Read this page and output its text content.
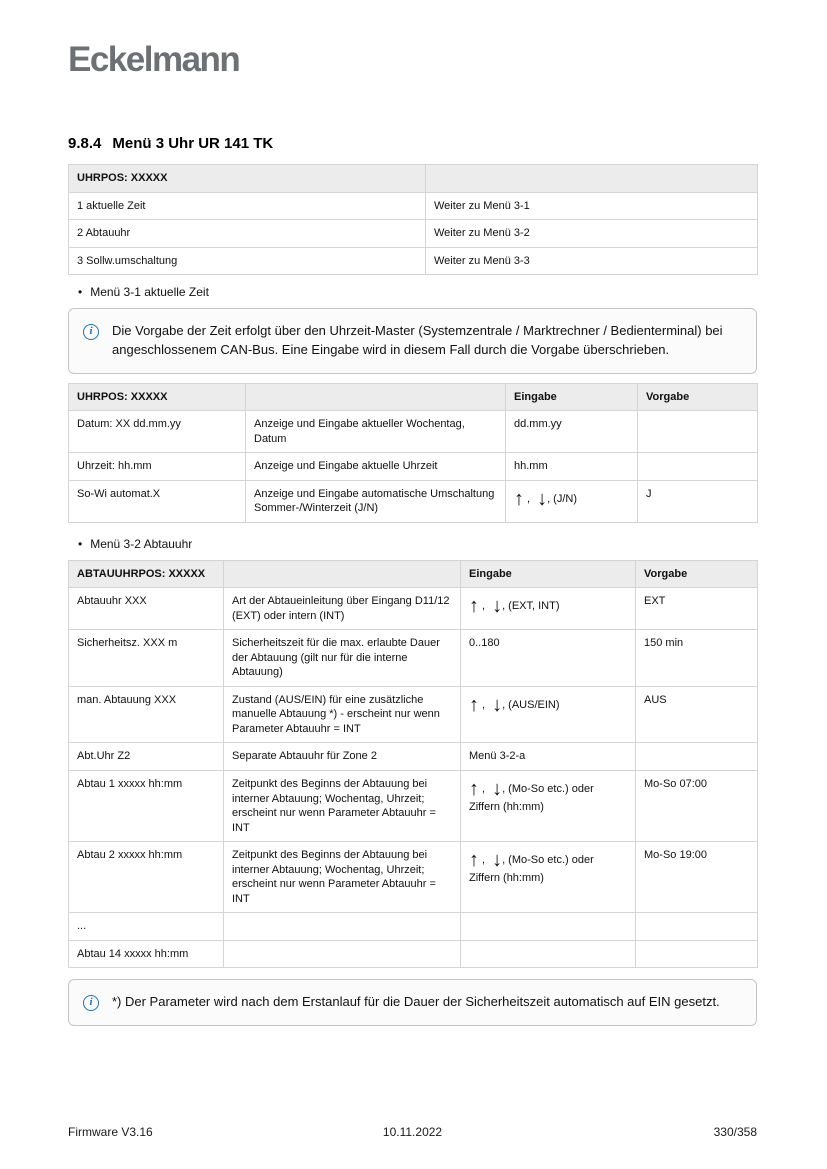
Eckelmann
9.8.4 Menü 3 Uhr UR 141 TK
UHRPOS: XXXXX	
1 aktuelle Zeit	Weiter zu Menü 3-1
2 Abtauuhr	Weiter zu Menü 3-2
3 Sollw.umschaltung	Weiter zu Menü 3-3
• Menü 3-1 aktuelle Zeit
i	Die Vorgabe der Zeit erfolgt über den Uhrzeit-Master (Systemzentrale / Marktrechner / Bedienterminal) bei angeschlossenem CAN-Bus. Eine Eingabe wird in diesem Fall durch die Vorgabe überschrieben.

UHRPOS: XXXXX		Eingabe	Vorgabe
Datum: XX dd.mm.yy	Anzeige und Eingabe aktueller Wochentag, Datum	dd.mm.yy	
Uhrzeit: hh.mm	Anzeige und Eingabe aktuelle Uhrzeit	hh.mm	
So-Wi automat.X	Anzeige und Eingabe automatische Umschaltung Sommer-/Winterzeit (J/N)	↑ , ↓, (J/N)	J
• Menü 3-2 Abtauuhr
ABTAUUHRPOS: XXXXX		Eingabe	Vorgabe
Abtauuhr XXX	Art der Abtaueinleitung über Eingang D11/12 (EXT) oder intern (INT)	↑ , ↓, (EXT, INT)	EXT
Sicherheitsz. XXX m	Sicherheitszeit für die max. erlaubte Dauer der Abtauung (gilt nur für die interne Abtauung)	0..180	150 min
man. Abtauung XXX	Zustand (AUS/EIN) für eine zusätzliche manuelle Abtauung *) - erscheint nur wenn Parameter Abtauuhr = INT	↑ , ↓, (AUS/EIN)	AUS
Abt.Uhr Z2	Separate Abtauuhr für Zone 2	Menü 3-2-a	
Abtau 1 xxxxx hh:mm	Zeitpunkt des Beginns der Abtauung bei interner Abtauung; Wochentag, Uhrzeit; erscheint nur wenn Parameter Abtauuhr = INT	↑ , ↓, (Mo-So etc.) oder Ziffern (hh:mm)	Mo-So 07:00
Abtau 2 xxxxx hh:mm	Zeitpunkt des Beginns der Abtauung bei interner Abtauung; Wochentag, Uhrzeit; erscheint nur wenn Parameter Abtauuhr = INT	↑ , ↓, (Mo-So etc.) oder Ziffern (hh:mm)	Mo-So 19:00
...			
Abtau 14 xxxxx hh:mm			
i	*) Der Parameter wird nach dem Erstanlauf für die Dauer der Sicherheitszeit automatisch auf EIN gesetzt.

Firmware V3.16	10.11.2022	330/358
